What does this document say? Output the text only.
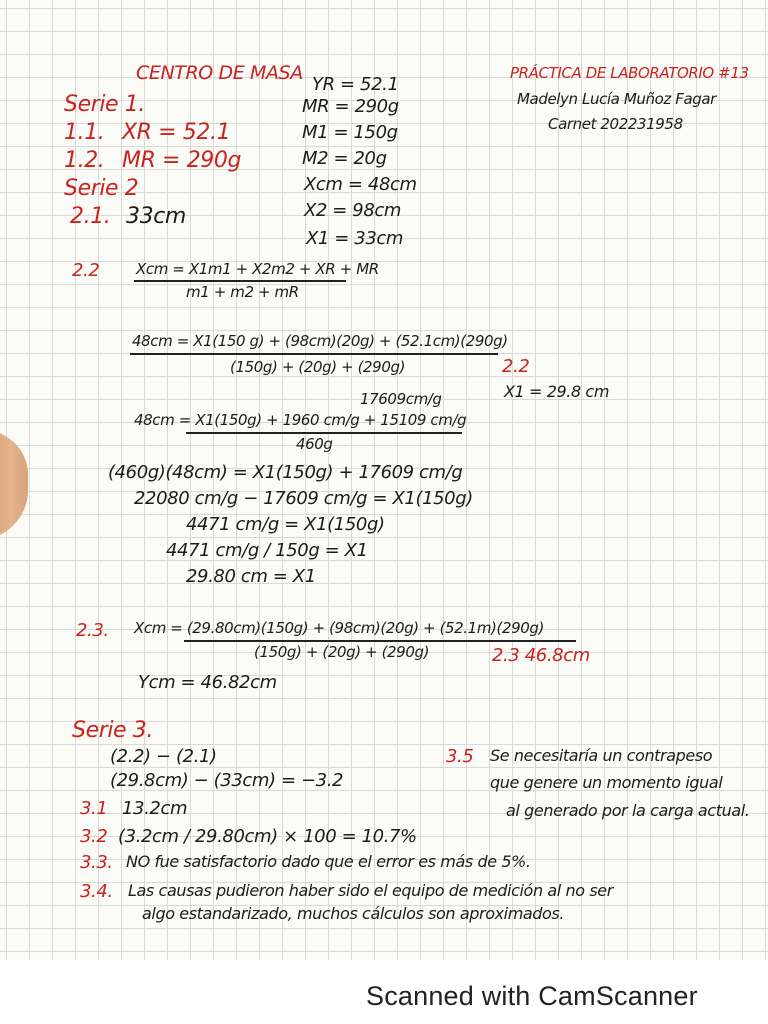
CENTRO DE MASA	PRÁCTICA DE LABORATORIO #13
Madelyn Lucía Muñoz Fagar
Carnet 202231958
Serie 1.
1.1. XR = 52.1
1.2. MR = 290g
YR = 52.1
MR = 290g
M1 = 150g
M2 = 20g
Xcm = 48cm
X2 = 98cm
X1 = 33cm
Serie 2
2.1. 33cm
2.2 Xcm = X1m1 + X2m2 + XR + MR
m1 + m2 + mR
48cm = X1(150 g) + (98cm)(20g) + (52.1cm)(290g)
(150g) + (20g) + (290g)	2.2
X1 = 29.8 cm
17609cm/g
48cm = X1(150g) + 1960 cm/g + 15109 cm/g
460g
(460g)(48cm) = X1(150g) + 17609 cm/g
22080 cm/g − 17609 cm/g = X1(150g)
4471 cm/g = X1(150g)
4471 cm/g / 150g = X1
29.80 cm = X1
2.3. Xcm = (29.80cm)(150g) + (98cm)(20g) + (52.1m)(290g)
(150g) + (20g) + (290g)	2.3 46.8cm
Ycm = 46.82cm
Serie 3.
(2.2) − (2.1)
(29.8cm) − (33cm) = −3.2
3.5 Se necesitaría un contrapeso
que genere un momento igual
al generado por la carga actual.
3.1 13.2cm
3.2 (3.2cm / 29.80cm) × 100 = 10.7%
3.3. NO fue satisfactorio dado que el error es más de 5%.
3.4. Las causas pudieron haber sido el equipo de medición al no ser
algo estandarizado, muchos cálculos son aproximados.
Scanned with CamScanner
